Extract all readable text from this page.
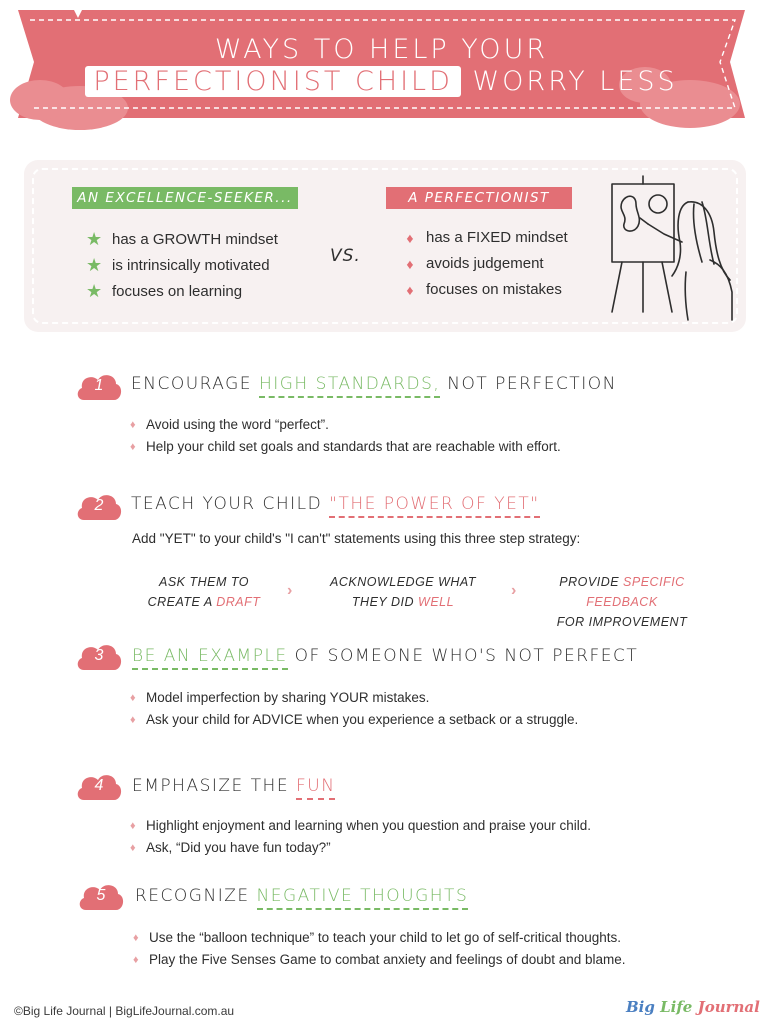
WAYS TO HELP YOUR
PERFECTIONIST CHILD WORRY LESS
AN EXCELLENCE-SEEKER...	A PERFECTIONIST
★ has a GROWTH mindset
★ is intrinsically motivated
★ focuses on learning
VS.
♦ has a FIXED mindset
♦ avoids judgement
♦ focuses on mistakes
1	ENCOURAGE HIGH STANDARDS, NOT PERFECTION
♦ Avoid using the word “perfect”.
♦ Help your child set goals and standards that are reachable with effort.
2	TEACH YOUR CHILD "THE POWER OF YET"
Add "YET" to your child's "I can't" statements using this three step strategy:
ASK THEM TO
CREATE A DRAFT
›	ACKNOWLEDGE WHAT
THEY DID WELL
›	PROVIDE SPECIFIC FEEDBACK
FOR IMPROVEMENT
3	BE AN EXAMPLE OF SOMEONE WHO'S NOT PERFECT
♦ Model imperfection by sharing YOUR mistakes.
♦ Ask your child for ADVICE when you experience a setback or a struggle.
4	EMPHASIZE THE FUN
♦ Highlight enjoyment and learning when you question and praise your child.
♦ Ask, “Did you have fun today?”
5	RECOGNIZE NEGATIVE THOUGHTS
♦ Use the “balloon technique” to teach your child to let go of self-critical thoughts.
♦ Play the Five Senses Game to combat anxiety and feelings of doubt and blame.
©Big Life Journal | BigLifeJournal.com.au	Big Life Journal
